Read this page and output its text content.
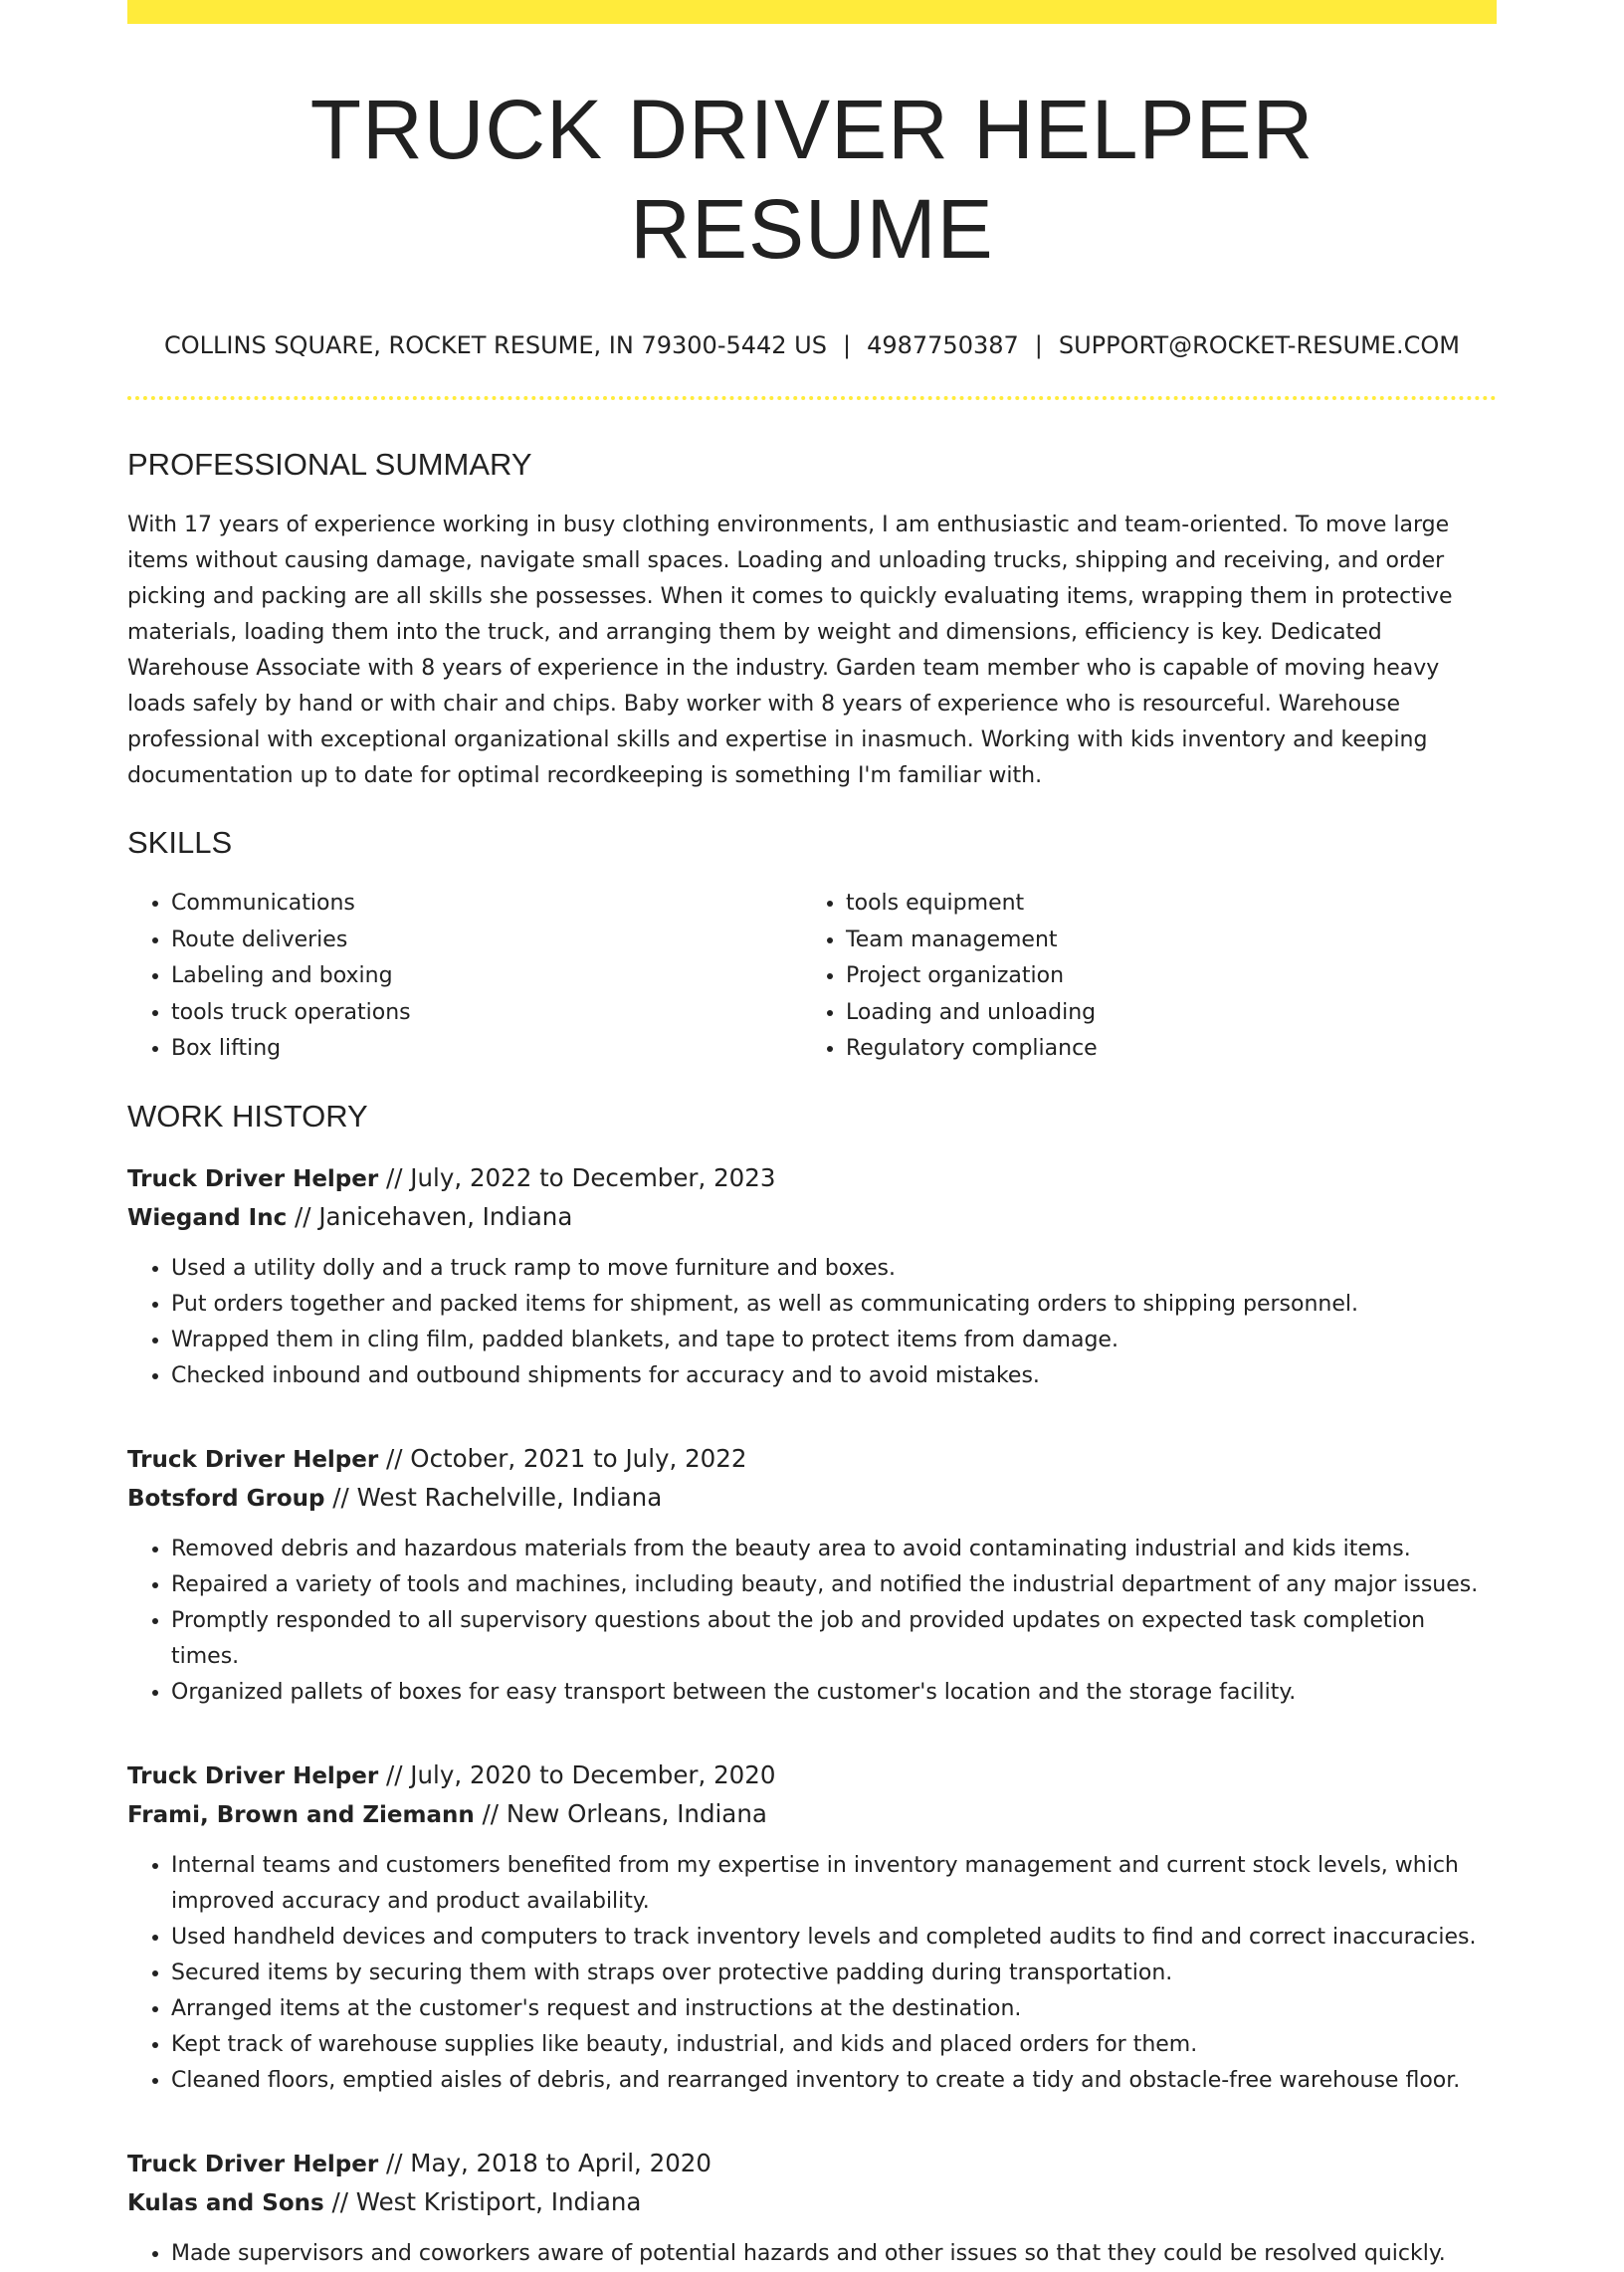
TRUCK DRIVER HELPER RESUME
COLLINS SQUARE, ROCKET RESUME, IN 79300-5442 US | 4987750387 | SUPPORT@ROCKET-RESUME.COM
PROFESSIONAL SUMMARY

With 17 years of experience working in busy clothing environments, I am enthusiastic and team-oriented. To move large items without causing damage, navigate small spaces. Loading and unloading trucks, shipping and receiving, and order picking and packing are all skills she possesses. When it comes to quickly evaluating items, wrapping them in protective materials, loading them into the truck, and arranging them by weight and dimensions, efficiency is key. Dedicated Warehouse Associate with 8 years of experience in the industry. Garden team member who is capable of moving heavy loads safely by hand or with chair and chips. Baby worker with 8 years of experience who is resourceful. Warehouse professional with exceptional organizational skills and expertise in inasmuch. Working with kids inventory and keeping documentation up to date for optimal recordkeeping is something I'm familiar with.

SKILLS
• Communications
• Route deliveries
• Labeling and boxing
• tools truck operations
• Box lifting
• tools equipment
• Team management
• Project organization
• Loading and unloading
• Regulatory compliance
WORK HISTORY
Truck Driver Helper // July, 2022 to December, 2023
Wiegand Inc // Janicehaven, Indiana
• Used a utility dolly and a truck ramp to move furniture and boxes.
• Put orders together and packed items for shipment, as well as communicating orders to shipping personnel.
• Wrapped them in cling film, padded blankets, and tape to protect items from damage.
• Checked inbound and outbound shipments for accuracy and to avoid mistakes.
Truck Driver Helper // October, 2021 to July, 2022
Botsford Group // West Rachelville, Indiana
• Removed debris and hazardous materials from the beauty area to avoid contaminating industrial and kids items.
• Repaired a variety of tools and machines, including beauty, and notified the industrial department of any major issues.
• Promptly responded to all supervisory questions about the job and provided updates on expected task completion times.
• Organized pallets of boxes for easy transport between the customer's location and the storage facility.
Truck Driver Helper // July, 2020 to December, 2020
Frami, Brown and Ziemann // New Orleans, Indiana
• Internal teams and customers benefited from my expertise in inventory management and current stock levels, which improved accuracy and product availability.
• Used handheld devices and computers to track inventory levels and completed audits to find and correct inaccuracies.
• Secured items by securing them with straps over protective padding during transportation.
• Arranged items at the customer's request and instructions at the destination.
• Kept track of warehouse supplies like beauty, industrial, and kids and placed orders for them.
• Cleaned floors, emptied aisles of debris, and rearranged inventory to create a tidy and obstacle-free warehouse floor.
Truck Driver Helper // May, 2018 to April, 2020
Kulas and Sons // West Kristiport, Indiana
• Made supervisors and coworkers aware of potential hazards and other issues so that they could be resolved quickly.
